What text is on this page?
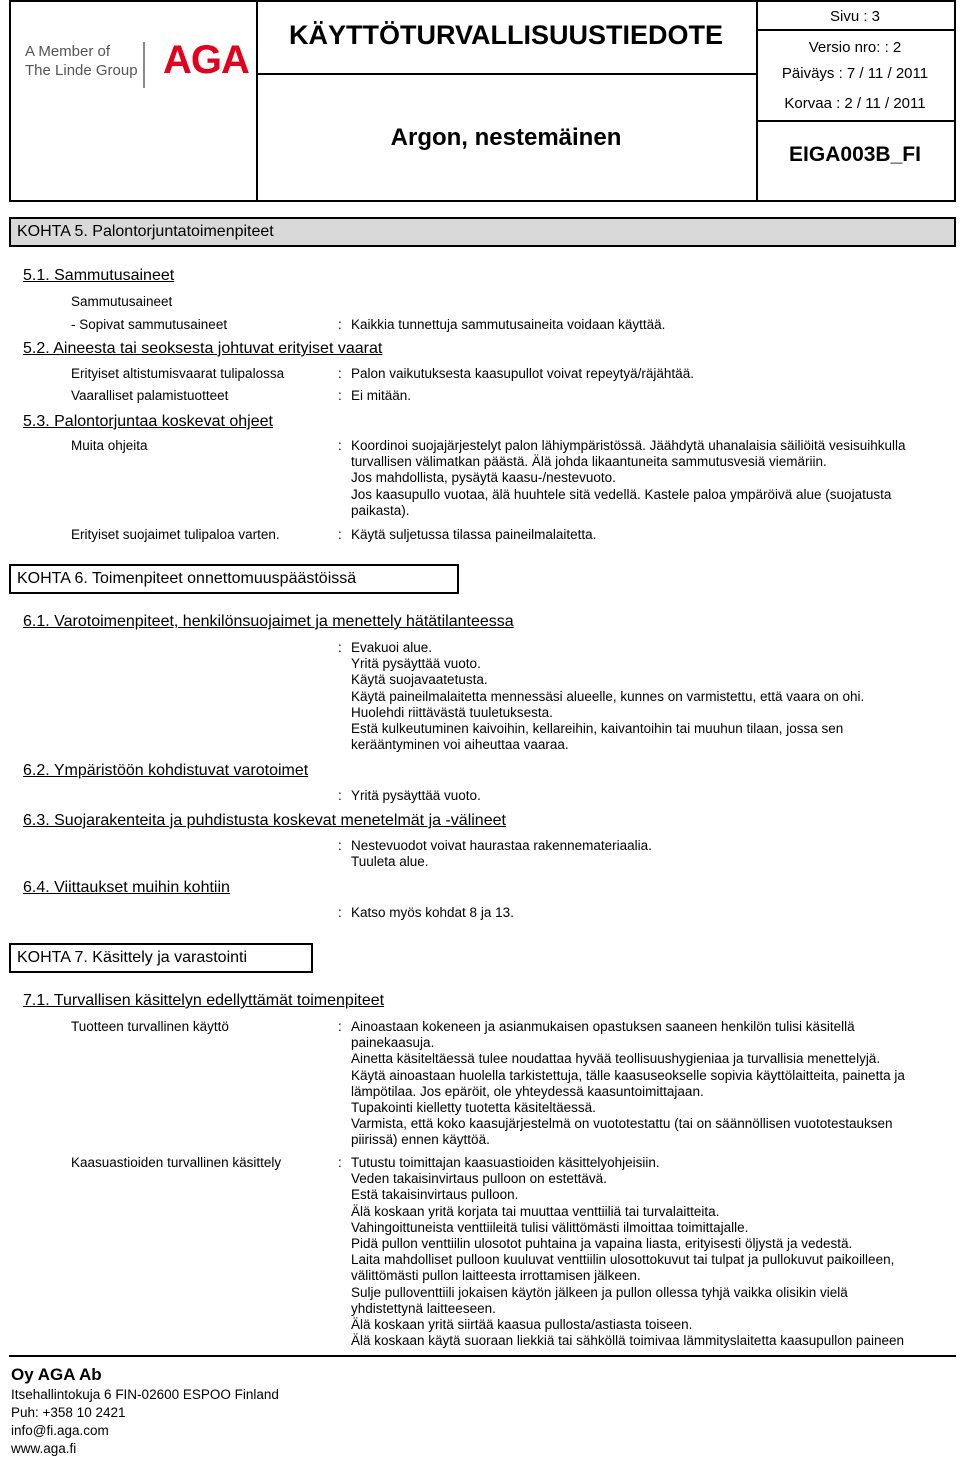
A Member of
The Linde Group AGA
KÄYTTÖTURVALLISUUSTIEDOTE
Argon, nestemäinen
Sivu : 3
Versio nro: : 2
Päiväys : 7 / 11 / 2011
Korvaa : 2 / 11 / 2011
EIGA003B_FI
KOHTA 5. Palontorjuntatoimenpiteet
5.1. Sammutusaineet
Sammutusaineet
- Sopivat sammutusaineet	: Kaikkia tunnettuja sammutusaineita voidaan käyttää.
5.2. Aineesta tai seoksesta johtuvat erityiset vaarat
Erityiset altistumisvaarat tulipalossa	: Palon vaikutuksesta kaasupullot voivat repeytyä/räjähtää.
Vaaralliset palamistuotteet	: Ei mitään.
5.3. Palontorjuntaa koskevat ohjeet
Muita ohjeita	: Koordinoi suojajärjestelyt palon lähiympäristössä. Jäähdytä uhanalaisia säiliöitä vesisuihkulla
turvallisen välimatkan päästä. Älä johda likaantuneita sammutusvesiä viemäriin.
Jos mahdollista, pysäytä kaasu-/nestevuoto.
Jos kaasupullo vuotaa, älä huuhtele sitä vedellä. Kastele paloa ympäröivä alue (suojatusta
paikasta).
Erityiset suojaimet tulipaloa varten.	: Käytä suljetussa tilassa paineilmalaitetta.
KOHTA 6. Toimenpiteet onnettomuuspäästöissä
6.1. Varotoimenpiteet, henkilönsuojaimet ja menettely hätätilanteessa
: Evakuoi alue.
Yritä pysäyttää vuoto.
Käytä suojavaatetusta.
Käytä paineilmalaitetta mennessäsi alueelle, kunnes on varmistettu, että vaara on ohi.
Huolehdi riittävästä tuuletuksesta.
Estä kulkeutuminen kaivoihin, kellareihin, kaivantoihin tai muuhun tilaan, jossa sen
kerääntyminen voi aiheuttaa vaaraa.
6.2. Ympäristöön kohdistuvat varotoimet
: Yritä pysäyttää vuoto.
6.3. Suojarakenteita ja puhdistusta koskevat menetelmät ja -välineet
: Nestevuodot voivat haurastaa rakennemateriaalia.
Tuuleta alue.
6.4. Viittaukset muihin kohtiin
: Katso myös kohdat 8 ja 13.
KOHTA 7. Käsittely ja varastointi
7.1. Turvallisen käsittelyn edellyttämät toimenpiteet
Tuotteen turvallinen käyttö	: Ainoastaan kokeneen ja asianmukaisen opastuksen saaneen henkilön tulisi käsitellä
painekaasuja.
Ainetta käsiteltäessä tulee noudattaa hyvää teollisuushygieniaa ja turvallisia menettelyjä.
Käytä ainoastaan huolella tarkistettuja, tälle kaasuseokselle sopivia käyttölaitteita, painetta ja
lämpötilaa. Jos epäröit, ole yhteydessä kaasuntoimittajaan.
Tupakointi kielletty tuotetta käsiteltäessä.
Varmista, että koko kaasujärjestelmä on vuototestattu (tai on säännöllisen vuototestauksen
piirissä) ennen käyttöä.
Kaasuastioiden turvallinen käsittely	: Tutustu toimittajan kaasuastioiden käsittelyohjeisiin.
Veden takaisinvirtaus pulloon on estettävä.
Estä takaisinvirtaus pulloon.
Älä koskaan yritä korjata tai muuttaa venttiiliä tai turvalaitteita.
Vahingoittuneista venttiileitä tulisi välittömästi ilmoittaa toimittajalle.
Pidä pullon venttiilin ulosotot puhtaina ja vapaina liasta, erityisesti öljystä ja vedestä.
Laita mahdolliset pulloon kuuluvat venttiilin ulosottokuvut tai tulpat ja pullokuvut paikoilleen,
välittömästi pullon laitteesta irrottamisen jälkeen.
Sulje pulloventtiili jokaisen käytön jälkeen ja pullon ollessa tyhjä vaikka olisikin vielä
yhdistettynä laitteeseen.
Älä koskaan yritä siirtää kaasua pullosta/astiasta toiseen.
Älä koskaan käytä suoraan liekkiä tai sähköllä toimivaa lämmityslaitetta kaasupullon paineen
Oy AGA Ab
Itsehallintokuja 6 FIN-02600 ESPOO Finland
Puh: +358 10 2421
info@fi.aga.com
www.aga.fi
